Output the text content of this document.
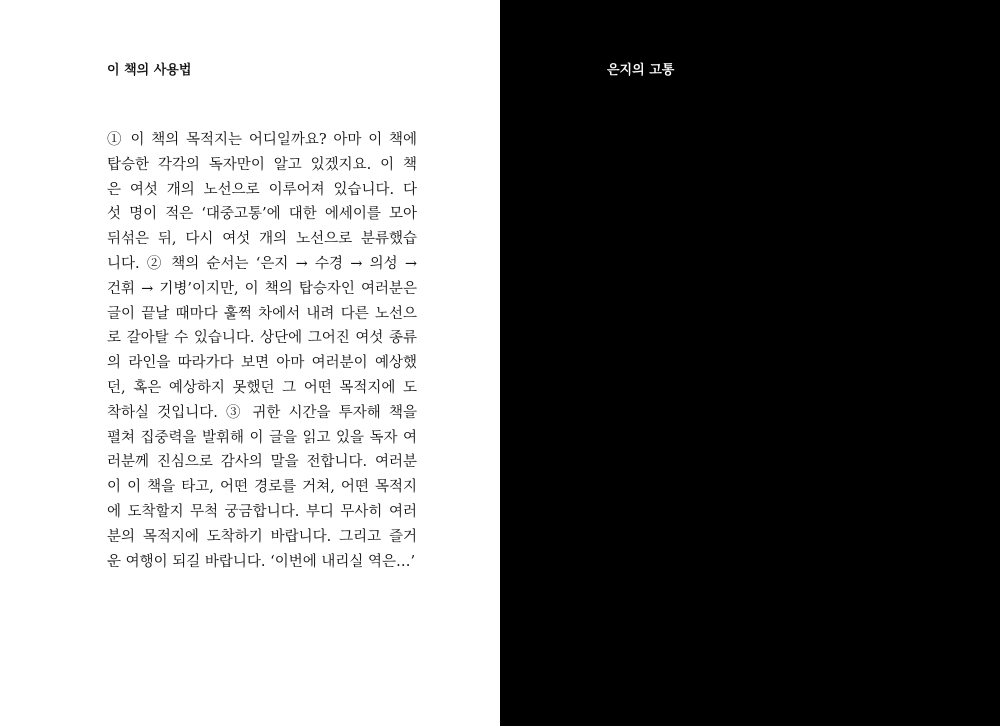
이 책의 사용법
① 이 책의 목적지는 어디일까요? 아마 이 책에
탑승한 각각의 독자만이 알고 있겠지요. 이 책
은 여섯 개의 노선으로 이루어져 있습니다. 다
섯 명이 적은 ‘대중고통’에 대한 에세이를 모아
뒤섞은 뒤, 다시 여섯 개의 노선으로 분류했습
니다. ② 책의 순서는 ‘은지 → 수경 → 의성 →
건휘 → 기병’이지만, 이 책의 탑승자인 여러분은
글이 끝날 때마다 훌쩍 차에서 내려 다른 노선으
로 갈아탈 수 있습니다. 상단에 그어진 여섯 종류
의 라인을 따라가다 보면 아마 여러분이 예상했
던, 혹은 예상하지 못했던 그 어떤 목적지에 도
착하실 것입니다. ③ 귀한 시간을 투자해 책을
펼쳐 집중력을 발휘해 이 글을 읽고 있을 독자 여
러분께 진심으로 감사의 말을 전합니다. 여러분
이 이 책을 타고, 어떤 경로를 거쳐, 어떤 목적지
에 도착할지 무척 궁금합니다. 부디 무사히 여러
분의 목적지에 도착하기 바랍니다. 그리고 즐거
운 여행이 되길 바랍니다. ‘이번에 내리실 역은…’
은지의 고통
